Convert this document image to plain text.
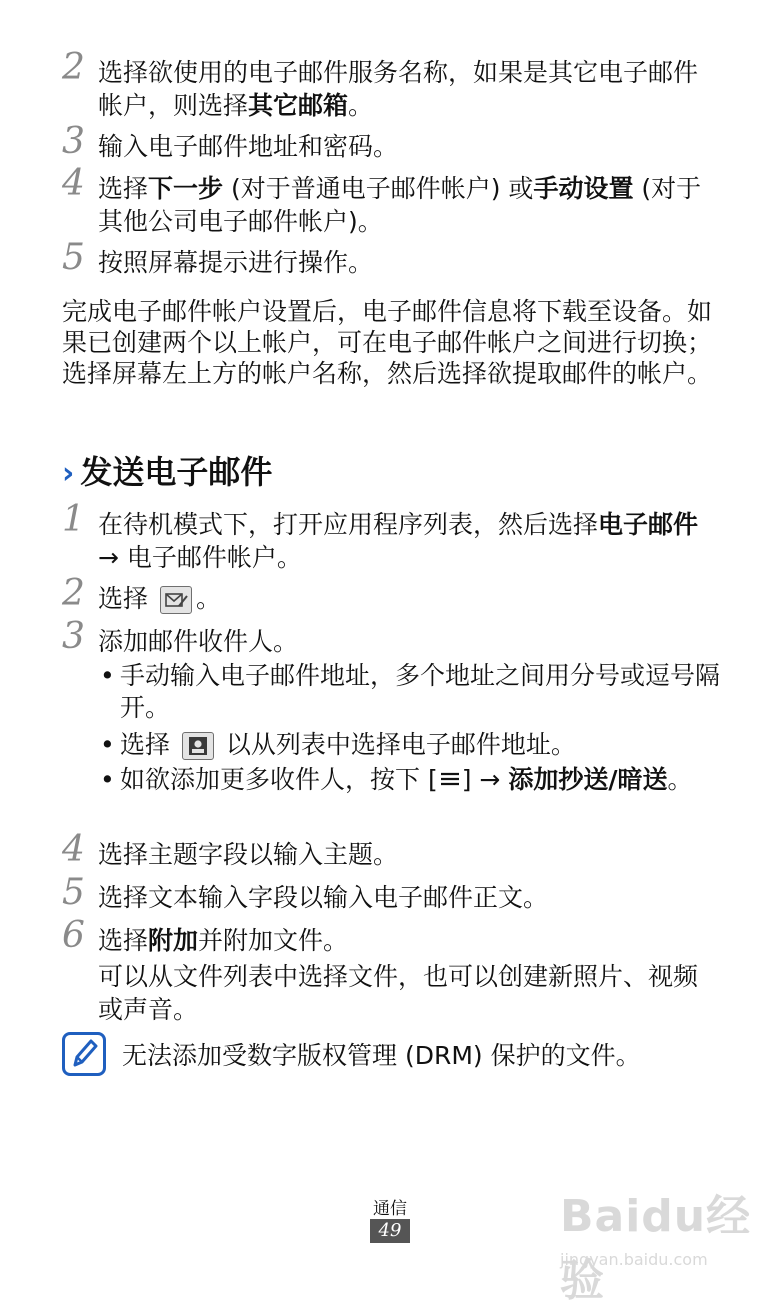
2 选择欲使用的电子邮件服务名称，如果是其它电子邮件帐户，则选择其它邮箱。
3 输入电子邮件地址和密码。
4 选择下一步 (对于普通电子邮件帐户) 或手动设置 (对于其他公司电子邮件帐户)。
5 按照屏幕提示进行操作。
完成电子邮件帐户设置后，电子邮件信息将下载至设备。如果已创建两个以上帐户，可在电子邮件帐户之间进行切换；选择屏幕左上方的帐户名称，然后选择欲提取邮件的帐户。
› 发送电子邮件
1 在待机模式下，打开应用程序列表，然后选择电子邮件 → 电子邮件帐户。
2 选择
。
3 添加邮件收件人。
• 手动输入电子邮件地址，多个地址之间用分号或逗号隔开。
• 选择
以从列表中选择电子邮件地址。
• 如欲添加更多收件人，按下 [ ] → 添加抄送/暗送。
4 选择主题字段以输入主题。
5 选择文本输入字段以输入电子邮件正文。
6 选择附加并附加文件。
可以从文件列表中选择文件，也可以创建新照片、视频或声音。
无法添加受数字版权管理 (DRM) 保护的文件。
通信
49	Baidu经验
jingyan.baidu.com
